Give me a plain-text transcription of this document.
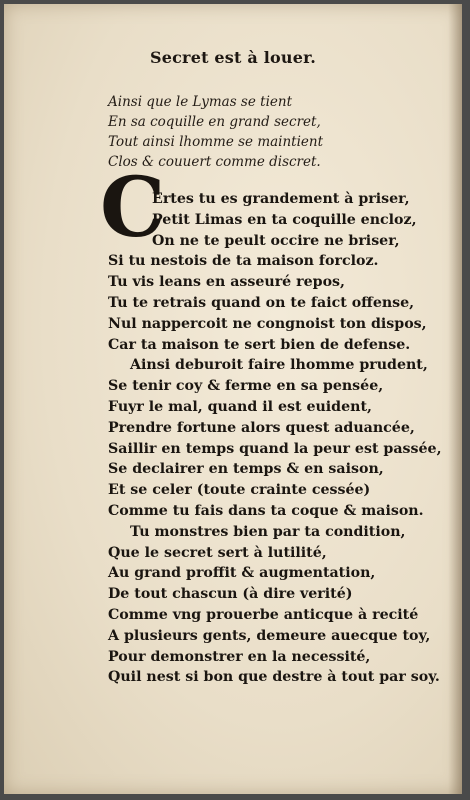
Secret est à louer.
Ainsi que le Lymas se tient
En sa coquille en grand secret,
Tout ainsi lhomme se maintient
Clos & couuert comme discret.
C
Ertes tu es grandement à priser,
Petit Limas en ta coquille encloz,
On ne te peult occire ne briser,
Si tu nestois de ta maison forcloz.
Tu vis leans en asseuré repos,
Tu te retrais quand on te faict offense,
Nul nappercoit ne congnoist ton dispos,
Car ta maison te sert bien de defense.
Ainsi deburoit faire lhomme prudent,
Se tenir coy & ferme en sa pensée,
Fuyr le mal, quand il est euident,
Prendre fortune alors quest aduancée,
Saillir en temps quand la peur est passée,
Se declairer en temps & en saison,
Et se celer (toute crainte cessée)
Comme tu fais dans ta coque & maison.
Tu monstres bien par ta condition,
Que le secret sert à lutilité,
Au grand proffit & augmentation,
De tout chascun (à dire verité)
Comme vng prouerbe anticque à recité
A plusieurs gents, demeure auecque toy,
Pour demonstrer en la necessité,
Quil nest si bon que destre à tout par soy.
